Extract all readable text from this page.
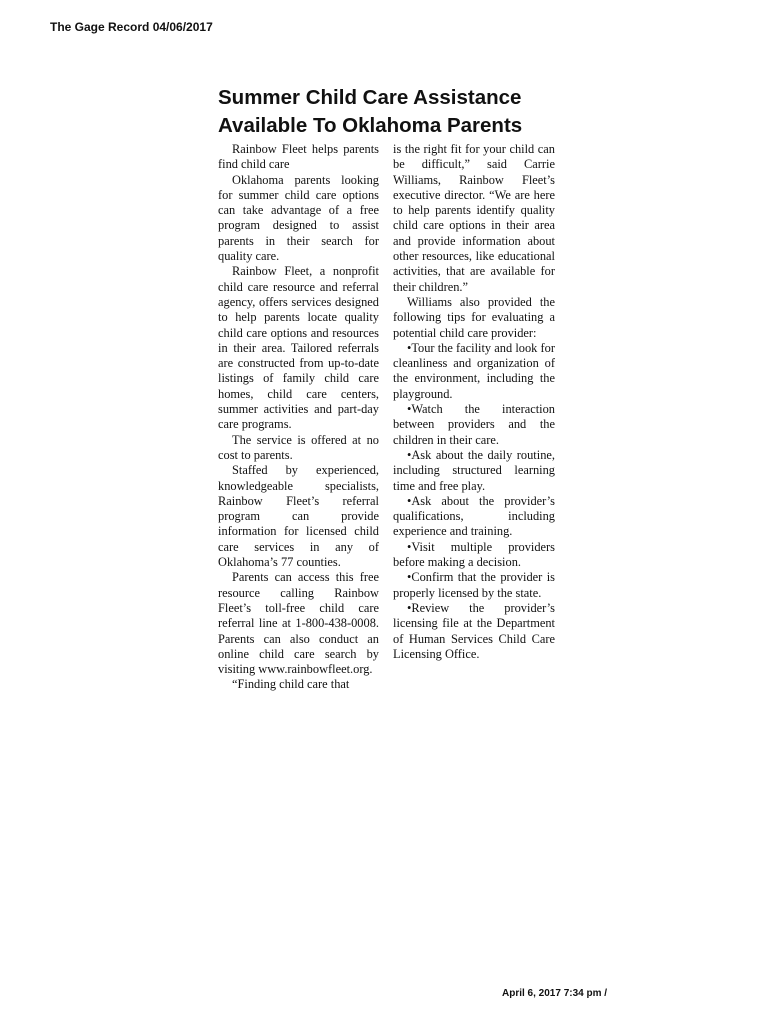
The Gage Record 04/06/2017
Summer Child Care Assistance Available To Oklahoma Parents

Rainbow Fleet helps parents find child care

Oklahoma parents looking for summer child care options can take advantage of a free program designed to assist parents in their search for quality care.

Rainbow Fleet, a nonprofit child care resource and referral agency, offers services designed to help parents locate quality child care options and resources in their area. Tailored referrals are constructed from up-to-date listings of family child care homes, child care centers, summer activities and part-day care programs.

The service is offered at no cost to parents.

Staffed by experienced, knowledgeable specialists, Rainbow Fleet’s referral program can provide information for licensed child care services in any of Oklahoma’s 77 counties.

Parents can access this free resource calling Rainbow Fleet’s toll-free child care referral line at 1-800-438-0008. Parents can also conduct an online child care search by visiting www.rainbowfleet.org.

“Finding child care that

is the right fit for your child can be difficult,” said Carrie Williams, Rainbow Fleet’s executive director. “We are here to help parents identify quality child care options in their area and provide information about other resources, like educational activities, that are available for their children.”

Williams also provided the following tips for evaluating a potential child care provider:

•Tour the facility and look for cleanliness and organization of the environment, including the playground.

•Watch the interaction between providers and the children in their care.

•Ask about the daily routine, including structured learning time and free play.

•Ask about the provider’s qualifications, including experience and training.

•Visit multiple providers before making a decision.

•Confirm that the provider is properly licensed by the state.

•Review the provider’s licensing file at the Department of Human Services Child Care Licensing Office.

April 6, 2017 7:34 pm /
